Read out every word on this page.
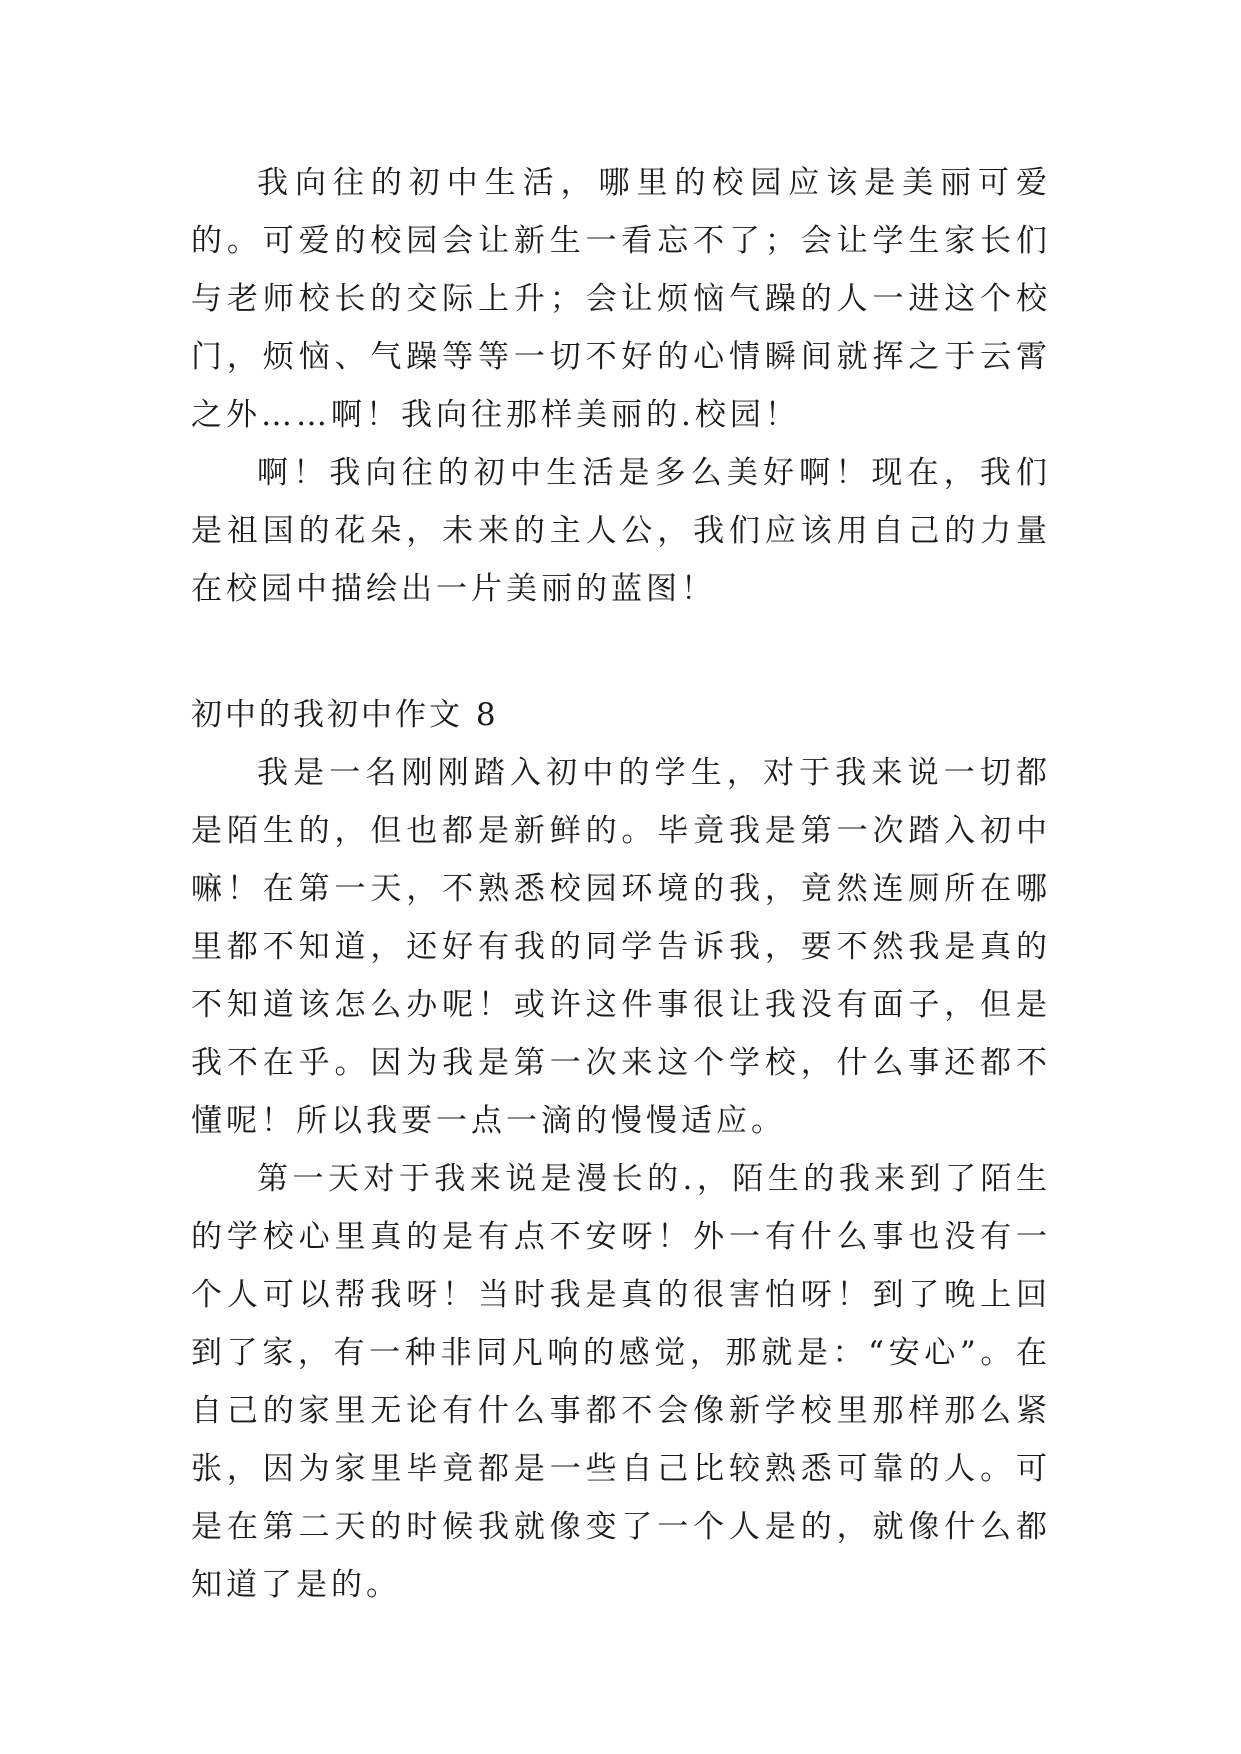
我向往的初中生活，哪里的校园应该是美丽可爱的。可爱的校园会让新生一看忘不了；会让学生家长们与老师校长的交际上升；会让烦恼气躁的人一进这个校门，烦恼、气躁等等一切不好的心情瞬间就挥之于云霄之外……啊！我向往那样美丽的.校园！

啊！我向往的初中生活是多么美好啊！现在，我们是祖国的花朵，未来的主人公，我们应该用自己的力量在校园中描绘出一片美丽的蓝图！

初中的我初中作文 8

我是一名刚刚踏入初中的学生，对于我来说一切都是陌生的，但也都是新鲜的。毕竟我是第一次踏入初中嘛！在第一天，不熟悉校园环境的我，竟然连厕所在哪里都不知道，还好有我的同学告诉我，要不然我是真的不知道该怎么办呢！或许这件事很让我没有面子，但是我不在乎。因为我是第一次来这个学校，什么事还都不懂呢！所以我要一点一滴的慢慢适应。

第一天对于我来说是漫长的.，陌生的我来到了陌生的学校心里真的是有点不安呀！外一有什么事也没有一个人可以帮我呀！当时我是真的很害怕呀！到了晚上回到了家，有一种非同凡响的感觉，那就是：“安心”。在自己的家里无论有什么事都不会像新学校里那样那么紧张，因为家里毕竟都是一些自己比较熟悉可靠的人。可是在第二天的时候我就像变了一个人是的，就像什么都知道了是的。
